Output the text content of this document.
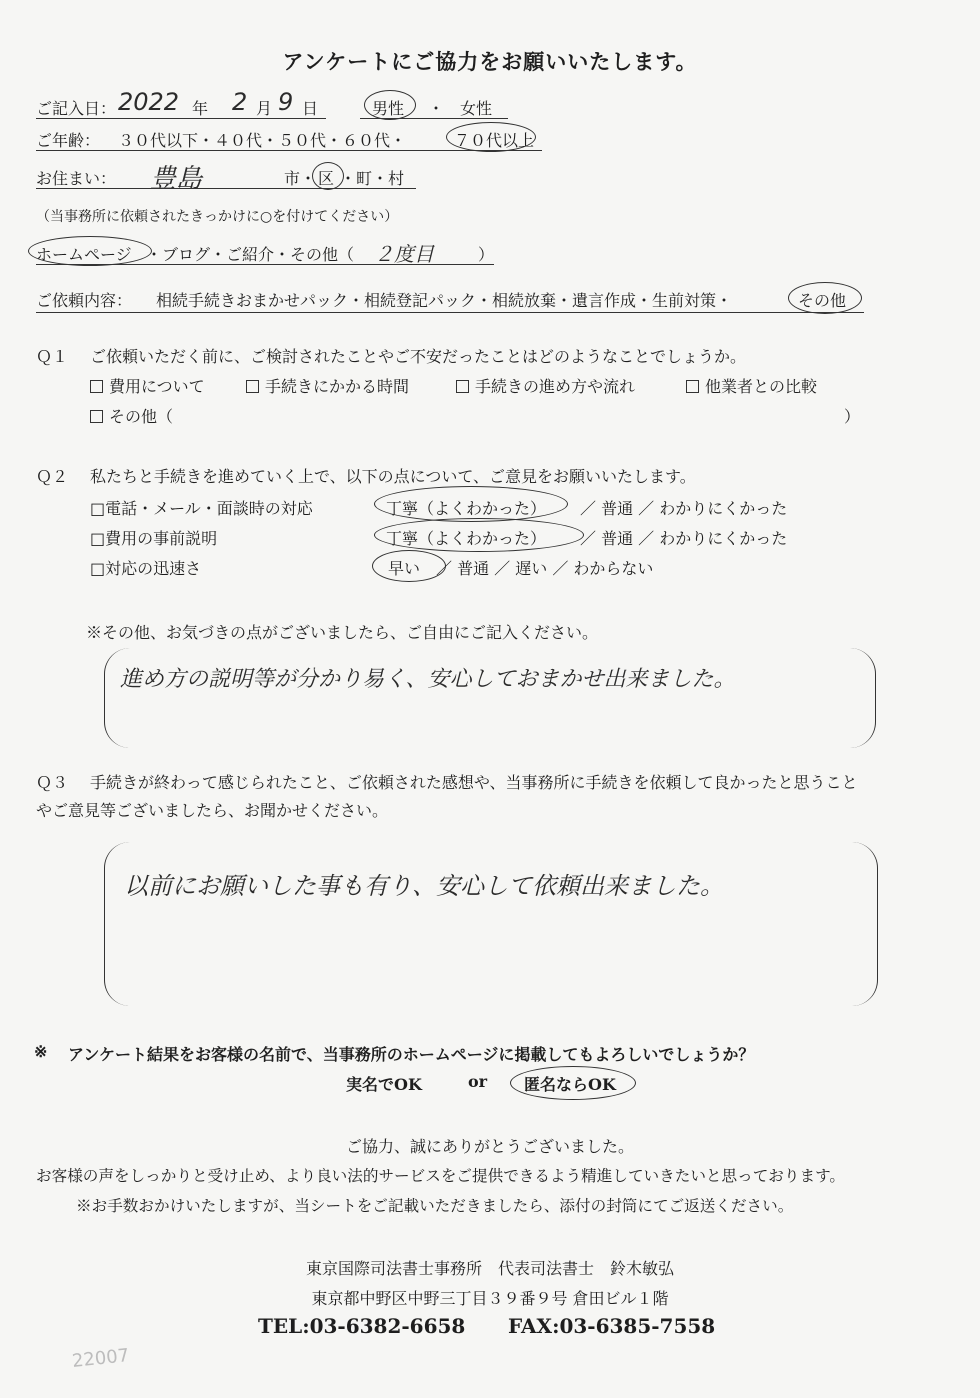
アンケートにご協力をお願いいたします。
ご記入日： 2022 年 2 月 9 日	男性 ・ 女性
ご年齢： ３０代以下・４０代・５０代・６０代・	７０代以上
お住まい： 豊島	市・ 区 ・町・村
（当事務所に依頼されたきっかけに○を付けてください）
ホームページ ・ブログ・ご紹介・その他（ ２度目	）
ご依頼内容： 相続手続きおまかせパック・相続登記パック・相続放棄・遺言作成・生前対策・	その他
Ｑ１ ご依頼いただく前に、ご検討されたことやご不安だったことはどのようなことでしょうか。
費用について	手続きにかかる時間	手続きの進め方や流れ	他業者との比較
その他（	）
Ｑ２ 私たちと手続きを進めていく上で、以下の点について、ご意見をお願いいたします。
□電話・メール・面談時の対応	丁寧（よくわかった） ／ 普通 ／ わかりにくかった
□費用の事前説明	丁寧（よくわかった） ／ 普通 ／ わかりにくかった
□対応の迅速さ	早い ／ 普通 ／ 遅い ／ わからない
※その他、お気づきの点がございましたら、ご自由にご記入ください。
進め方の説明等が分かり易く、安心しておまかせ出来ました。
Ｑ３ 手続きが終わって感じられたこと、ご依頼された感想や、当事務所に手続きを依頼して良かったと思うこと
やご意見等ございましたら、お聞かせください。
以前にお願いした事も有り、安心して依頼出来ました。
※ アンケート結果をお客様の名前で、当事務所のホームページに掲載してもよろしいでしょうか？
実名でOK	or 匿名ならOK
ご協力、誠にありがとうございました。
お客様の声をしっかりと受け止め、より良い法的サービスをご提供できるよう精進していきたいと思っております。
※お手数おかけいたしますが、当シートをご記載いただきましたら、添付の封筒にてご返送ください。
東京国際司法書士事務所　代表司法書士　鈴木敏弘
東京都中野区中野三丁目３９番９号 倉田ビル１階
TEL:03-6382-6658 FAX:03-6385-7558
22007
